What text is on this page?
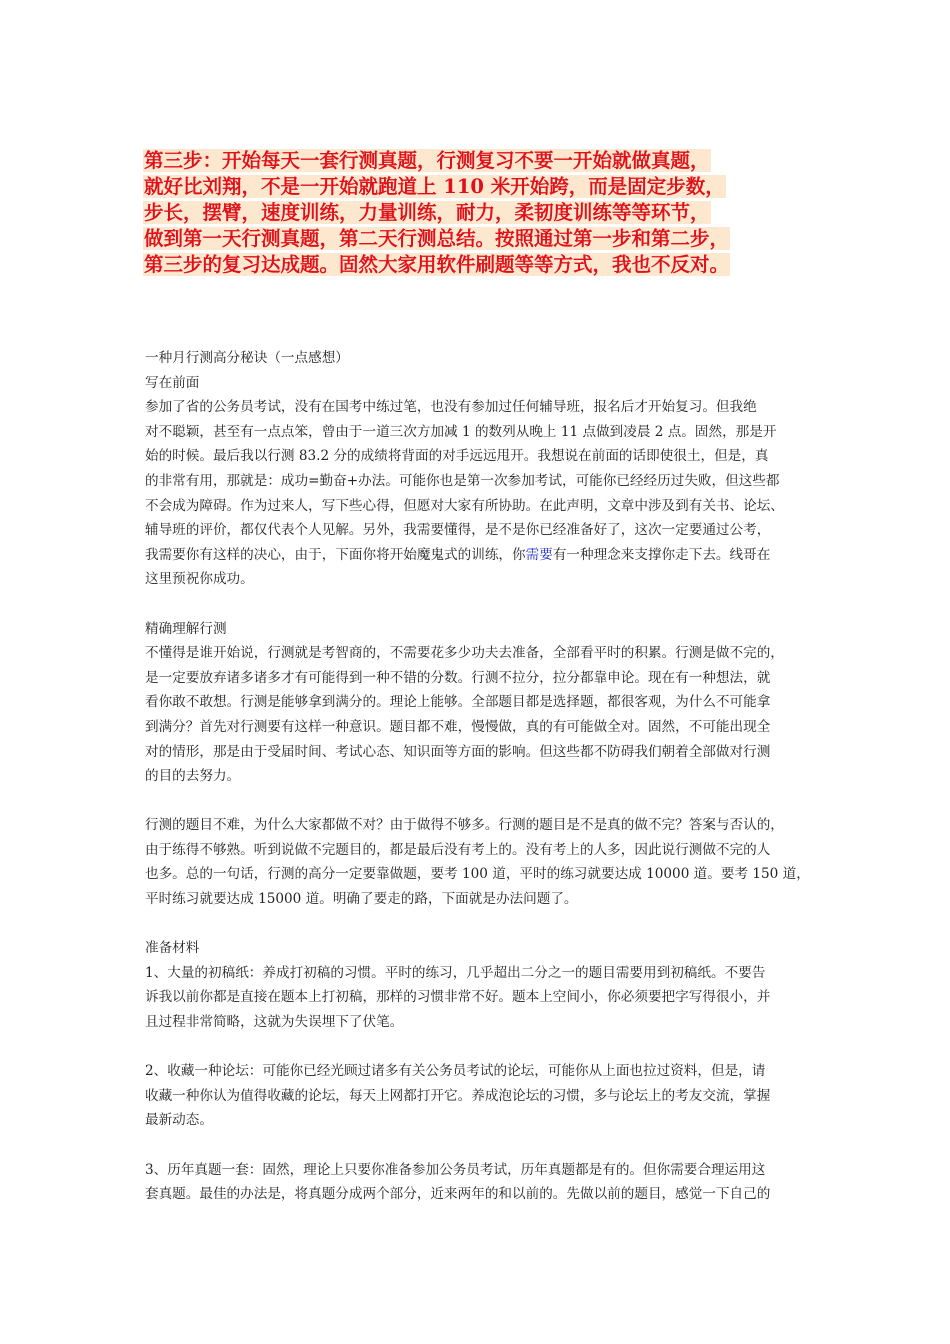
第三步：开始每天一套行测真题，行测复习不要一开始就做真题，
就好比刘翔，不是一开始就跑道上 110 米开始跨，而是固定步数，
步长，摆臂，速度训练，力量训练，耐力，柔韧度训练等等环节，
做到第一天行测真题，第二天行测总结。按照通过第一步和第二步，
第三步的复习达成题。固然大家用软件刷题等等方式，我也不反对。
一种月行测高分秘诀（一点感想）
写在前面
参加了省的公务员考试，没有在国考中练过笔，也没有参加过任何辅导班，报名后才开始复习。但我绝
对不聪颖，甚至有一点点笨，曾由于一道三次方加减 1 的数列从晚上 11 点做到凌晨 2 点。固然，那是开
始的时候。最后我以行测 83.2 分的成绩将背面的对手远远甩开。我想说在前面的话即使很土，但是，真
的非常有用，那就是：成功=勤奋+办法。可能你也是第一次参加考试，可能你已经经历过失败，但这些都
不会成为障碍。作为过来人，写下些心得，但愿对大家有所协助。在此声明，文章中涉及到有关书、论坛、
辅导班的评价，都仅代表个人见解。另外，我需要懂得，是不是你已经准备好了，这次一定要通过公考，
我需要你有这样的决心，由于，下面你将开始魔鬼式的训练，你需要有一种理念来支撑你走下去。线哥在
这里预祝你成功。
精确理解行测
不懂得是谁开始说，行测就是考智商的，不需要花多少功夫去准备，全部看平时的积累。行测是做不完的，
是一定要放弃诸多诸多才有可能得到一种不错的分数。行测不拉分，拉分都靠申论。现在有一种想法，就
看你敢不敢想。行测是能够拿到满分的。理论上能够。全部题目都是选择题，都很客观，为什么不可能拿
到满分？首先对行测要有这样一种意识。题目都不难，慢慢做，真的有可能做全对。固然，不可能出现全
对的情形，那是由于受届时间、考试心态、知识面等方面的影响。但这些都不防碍我们朝着全部做对行测
的目的去努力。
行测的题目不难，为什么大家都做不对？由于做得不够多。行测的题目是不是真的做不完？答案与否认的，
由于练得不够熟。听到说做不完题目的，都是最后没有考上的。没有考上的人多，因此说行测做不完的人
也多。总的一句话，行测的高分一定要靠做题，要考 100 道，平时的练习就要达成 10000 道。要考 150 道，
平时练习就要达成 15000 道。明确了要走的路，下面就是办法问题了。
准备材料
1、大量的初稿纸：养成打初稿的习惯。平时的练习，几乎超出二分之一的题目需要用到初稿纸。不要告
诉我以前你都是直接在题本上打初稿，那样的习惯非常不好。题本上空间小，你必须要把字写得很小，并
且过程非常简略，这就为失误埋下了伏笔。
2、收藏一种论坛：可能你已经光顾过诸多有关公务员考试的论坛，可能你从上面也拉过资料，但是，请
收藏一种你认为值得收藏的论坛，每天上网都打开它。养成泡论坛的习惯，多与论坛上的考友交流，掌握
最新动态。
3、历年真题一套：固然，理论上只要你准备参加公务员考试，历年真题都是有的。但你需要合理运用这
套真题。最佳的办法是，将真题分成两个部分，近来两年的和以前的。先做以前的题目，感觉一下自己的
